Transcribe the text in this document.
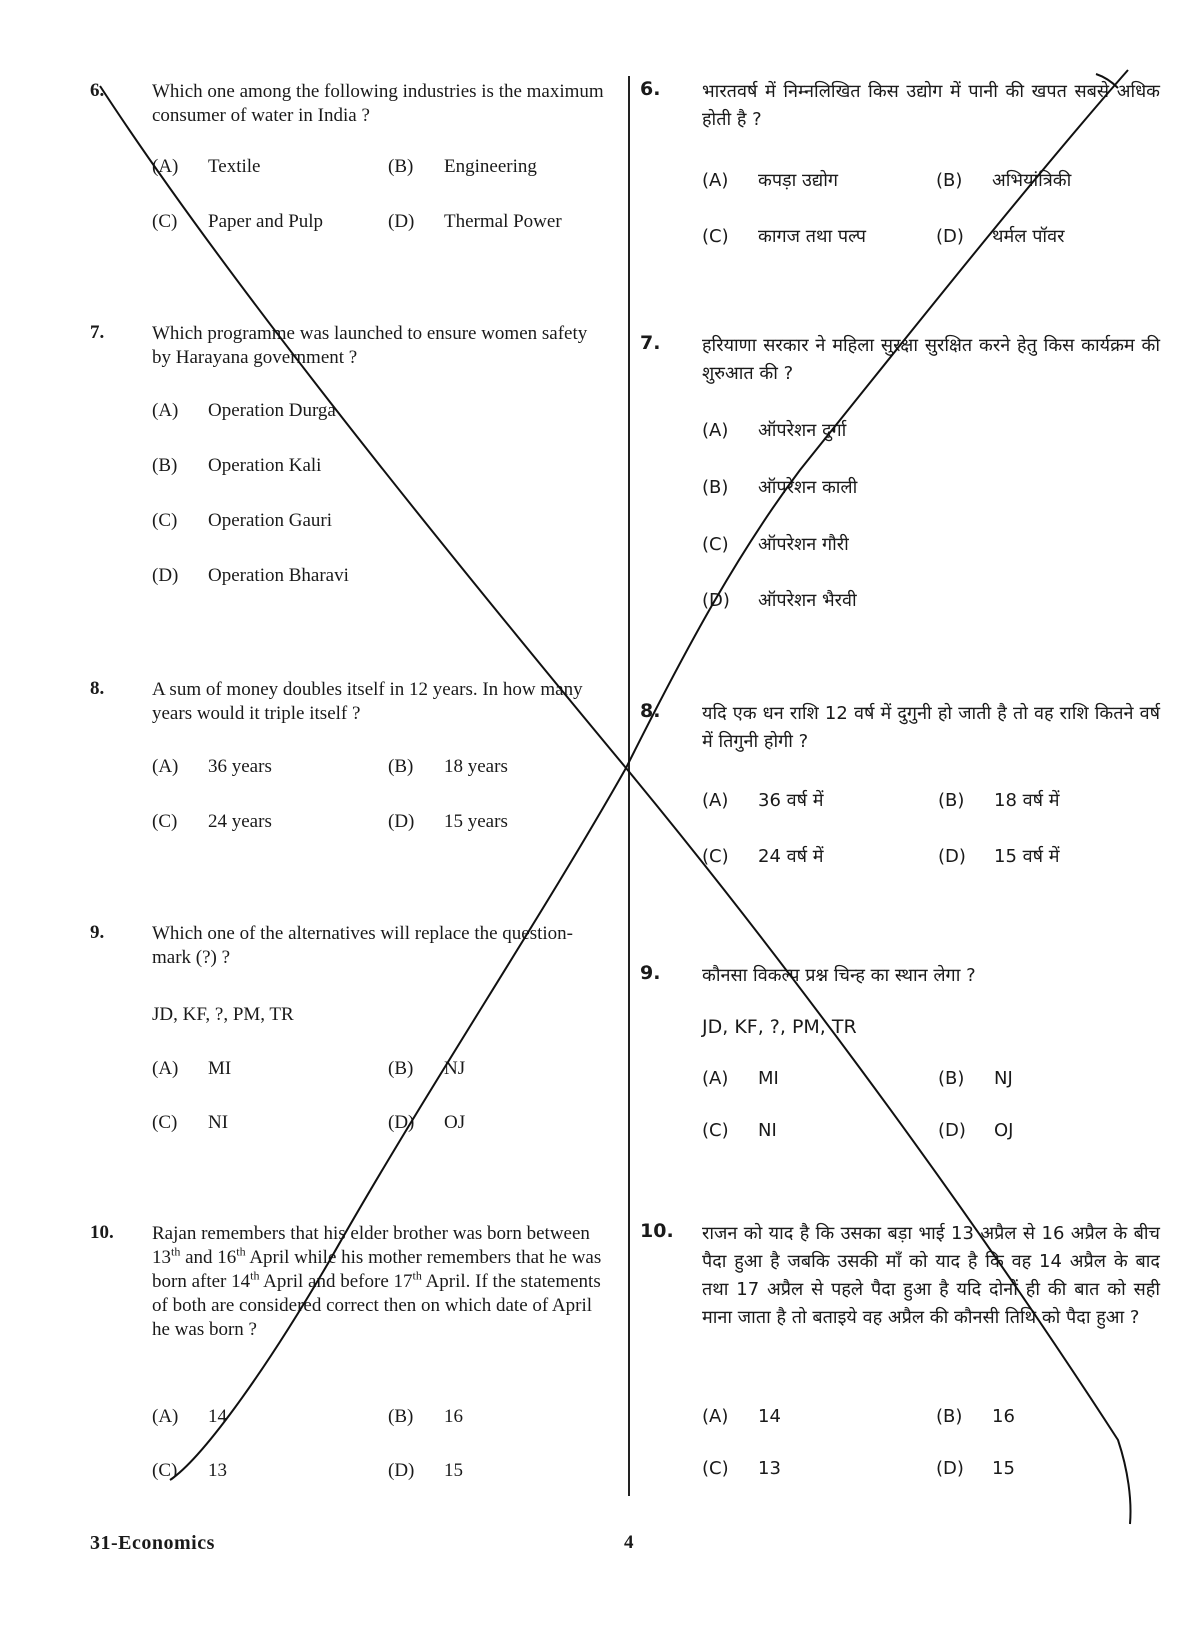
6.	Which one among the following industries is the maximum consumer of water in India ?
(A) Textile	(B) Engineering
(C) Paper and Pulp	(D) Thermal Power
7.	Which programme was launched to ensure women safety by Harayana government ?
(A) Operation Durga
(B) Operation Kali
(C) Operation Gauri
(D) Operation Bharavi
8.	A sum of money doubles itself in 12 years. In how many years would it triple itself ?
(A) 36 years	(B) 18 years
(C) 24 years	(D) 15 years
9.	Which one of the alternatives will replace the question-mark (?) ?
JD, KF, ?, PM, TR
(A) MI	(B) NJ
(C) NI	(D) OJ
10. Rajan remembers that his elder brother was born between 13th and 16th April while his mother remembers that he was born after 14th April and before 17th April. If the statements of both are considered correct then on which date of April he was born ?
(A) 14	(B) 16
(C) 13	(D) 15
6. भारतवर्ष में निम्नलिखित किस उद्योग में पानी की खपत सबसे अधिक होती है ?
(A) कपड़ा उद्योग	(B) अभियांत्रिकी
(C) कागज तथा पल्प	(D) थर्मल पॉवर
7. हरियाणा सरकार ने महिला सुरक्षा सुरक्षित करने हेतु किस कार्यक्रम की शुरुआत की ?
(A) ऑपरेशन दुर्गा
(B) ऑपरेशन काली
(C) ऑपरेशन गौरी
(D) ऑपरेशन भैरवी
8. यदि एक धन राशि 12 वर्ष में दुगुनी हो जाती है तो वह राशि कितने वर्ष में तिगुनी होगी ?
(A) 36 वर्ष में	(B) 18 वर्ष में
(C) 24 वर्ष में	(D) 15 वर्ष में
9. कौनसा विकल्प प्रश्न चिन्ह का स्थान लेगा ?
JD, KF, ?, PM, TR
(A) MI	(B) NJ
(C) NI	(D) OJ
10. राजन को याद है कि उसका बड़ा भाई 13 अप्रैल से 16 अप्रैल के बीच पैदा हुआ है जबकि उसकी माँ को याद है कि वह 14 अप्रैल के बाद तथा 17 अप्रैल से पहले पैदा हुआ है यदि दोनों ही की बात को सही माना जाता है तो बताइये वह अप्रैल की कौनसी तिथि को पैदा हुआ ?
(A) 14	(B) 16
(C) 13	(D) 15
31-Economics	4
